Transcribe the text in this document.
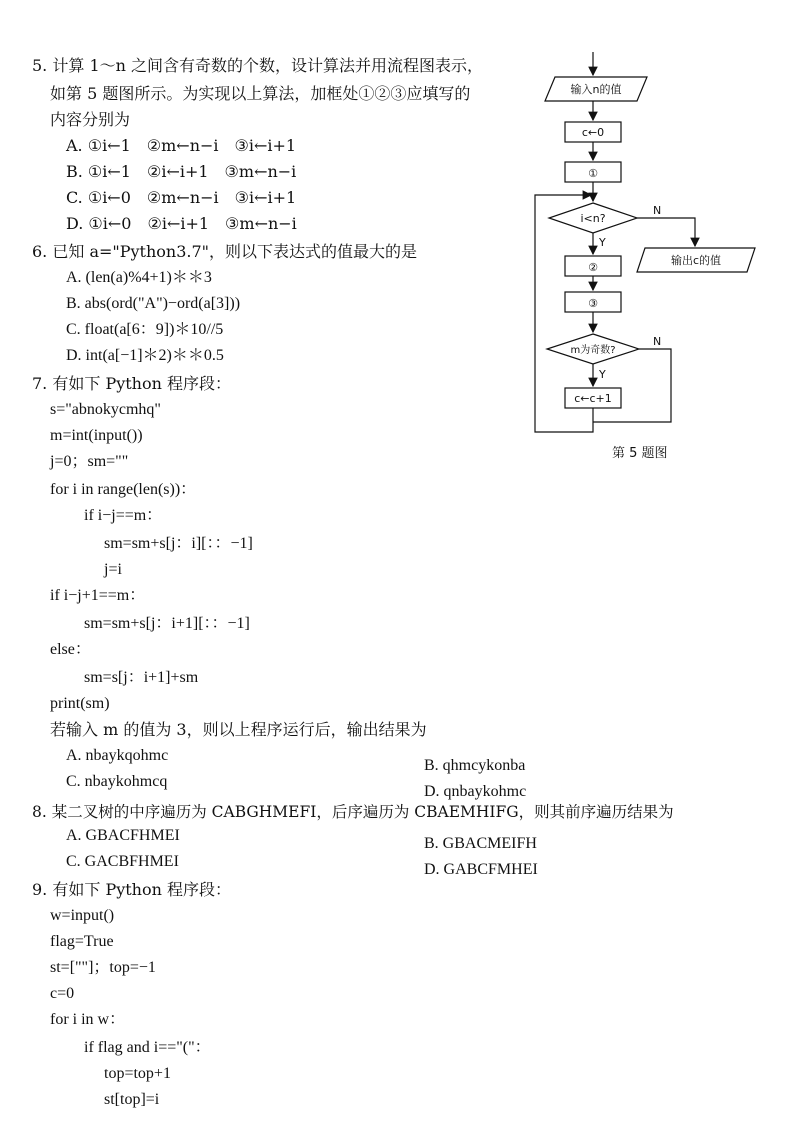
5. 计算 1～n 之间含有奇数的个数，设计算法并用流程图表示，
如第 5 题图所示。为实现以上算法，加框处①②③应填写的
内容分别为
A. ①i←1　②m←n−i　③i←i+1
B. ①i←1　②i←i+1　③m←n−i
C. ①i←0　②m←n−i　③i←i+1
D. ①i←0　②i←i+1　③m←n−i
6. 已知 a="Python3.7"，则以下表达式的值最大的是
A. (len(a)%4+1)＊＊3
B. abs(ord("A")−ord(a[3]))
C. float(a[6：9])＊10//5
D. int(a[−1]＊2)＊＊0.5
7. 有如下 Python 程序段：
s="abnokycmhq"
m=int(input())
j=0；sm=""
for i in range(len(s))：
if i−j==m：
sm=sm+s[j：i][：：−1]
j=i
if i−j+1==m：
sm=sm+s[j：i+1][：：−1]
else：
sm=s[j：i+1]+sm
print(sm)
若输入 m 的值为 3，则以上程序运行后，输出结果为
A. nbaykqohmc
B. qhmcykonba
C. nbaykohmcq
D. qnbaykohmc
8. 某二叉树的中序遍历为 CABGHMEFI，后序遍历为 CBAEMHIFG，则其前序遍历结果为
A. GBACFHMEI	B. GBACMEIFH
C. GACBFHMEI	D. GABCFMHEI
9. 有如下 Python 程序段：
w=input()
flag=True
st=[""]；top=−1
c=0
for i in w：
if flag and i=="("：
top=top+1
st[top]=i
输入n的值
c←0
①
i<n?
N
Y
输出c的值
②
③
m为奇数?
N
Y
c←c+1
第 5 题图
